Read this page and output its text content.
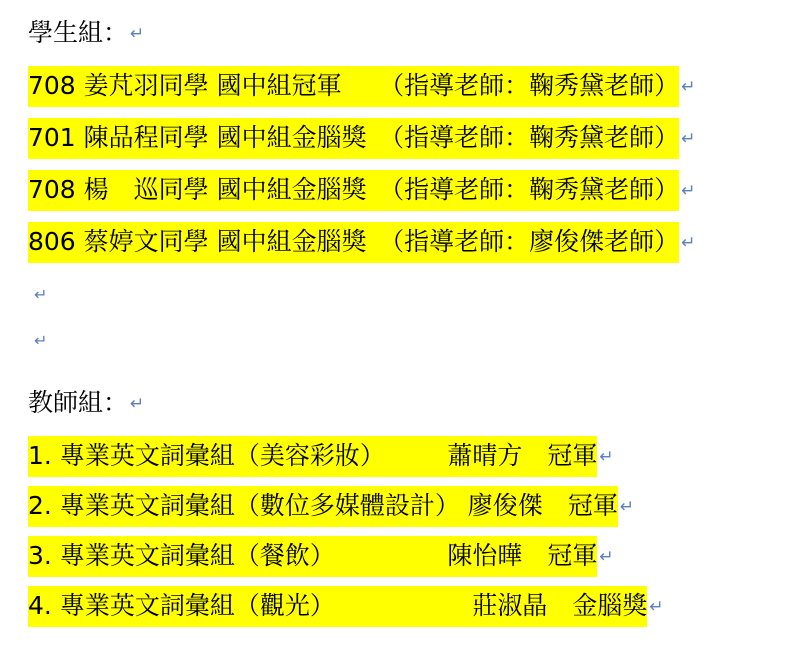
學生組： ↵
708 姜芃羽同學 國中組冠軍　　 （指導老師：鞠秀黛老師） ↵
701 陳品程同學 國中組金腦獎　 （指導老師：鞠秀黛老師） ↵
708 楊　巡同學 國中組金腦獎　 （指導老師：鞠秀黛老師） ↵
806 蔡婷文同學 國中組金腦獎　 （指導老師：廖俊傑老師） ↵
↵
↵
教師組： ↵
1. 專業英文詞彙組（美容彩妝）　　　	蕭晴方　 冠軍 ↵
2. 專業英文詞彙組（數位多媒體設計） 廖俊傑　 冠軍 ↵
3. 專業英文詞彙組（餐飲）　　　　　	陳怡曄　 冠軍 ↵
4. 專業英文詞彙組（觀光）　　　　　　	莊淑晶　 金腦獎 ↵
